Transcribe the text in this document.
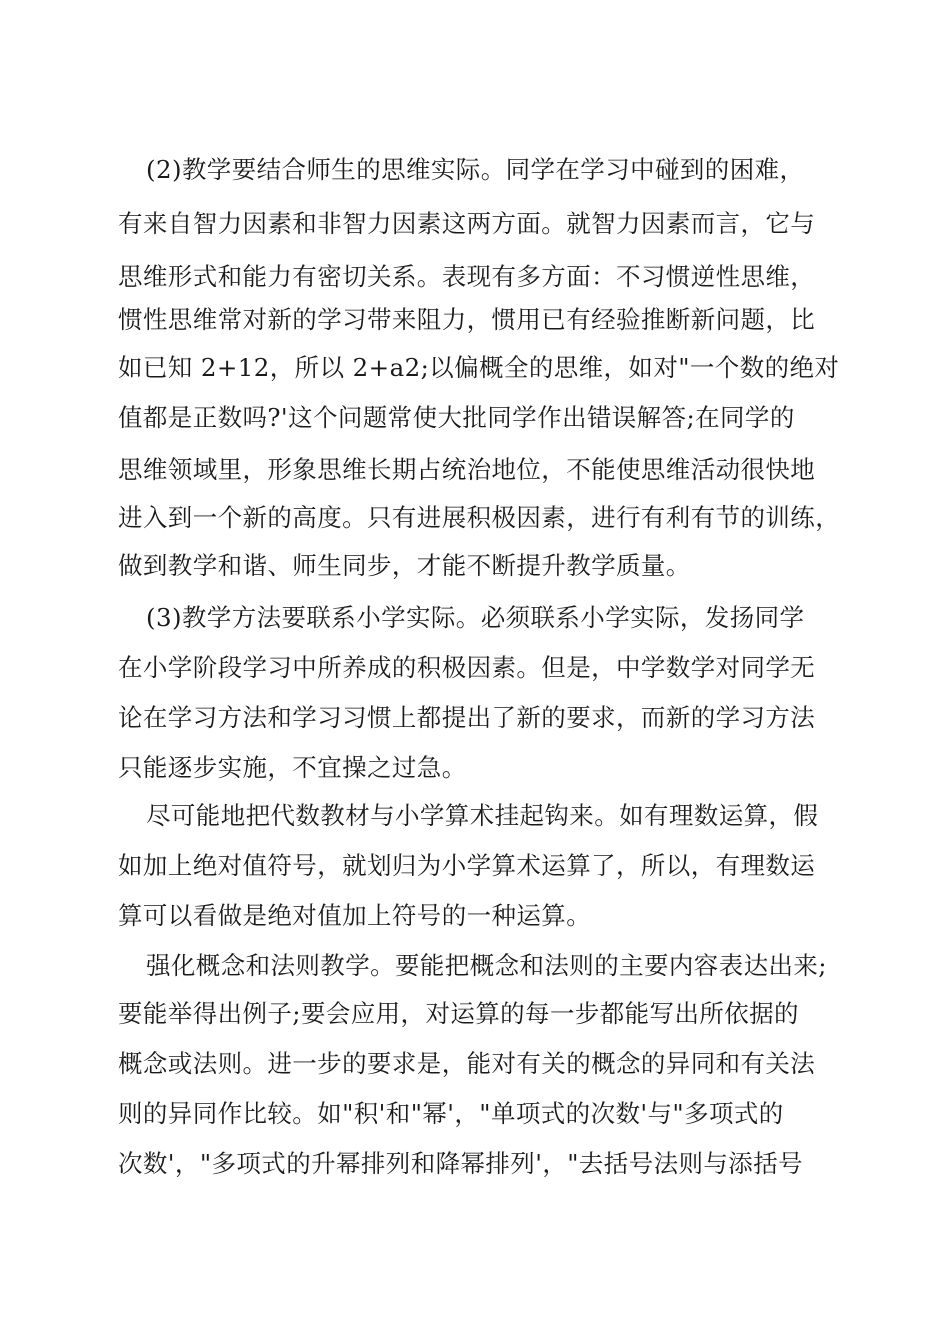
(2)教学要结合师生的思维实际。同学在学习中碰到的困难，
有来自智力因素和非智力因素这两方面。就智力因素而言，它与
思维形式和能力有密切关系。表现有多方面：不习惯逆性思维，
惯性思维常对新的学习带来阻力，惯用已有经验推断新问题，比
如已知 2+12，所以 2+a2;以偏概全的思维，如对"一个数的绝对
值都是正数吗?'这个问题常使大批同学作出错误解答;在同学的
思维领域里，形象思维长期占统治地位，不能使思维活动很快地
进入到一个新的高度。只有进展积极因素，进行有利有节的训练，
做到教学和谐、师生同步，才能不断提升教学质量。
(3)教学方法要联系小学实际。必须联系小学实际，发扬同学
在小学阶段学习中所养成的积极因素。但是，中学数学对同学无
论在学习方法和学习习惯上都提出了新的要求，而新的学习方法
只能逐步实施，不宜操之过急。
尽可能地把代数教材与小学算术挂起钩来。如有理数运算，假
如加上绝对值符号，就划归为小学算术运算了，所以，有理数运
算可以看做是绝对值加上符号的一种运算。
强化概念和法则教学。要能把概念和法则的主要内容表达出来;
要能举得出例子;要会应用，对运算的每一步都能写出所依据的
概念或法则。进一步的要求是，能对有关的概念的异同和有关法
则的异同作比较。如"积'和"幂'，"单项式的次数'与"多项式的
次数'，"多项式的升幂排列和降幂排列'，"去括号法则与添括号
